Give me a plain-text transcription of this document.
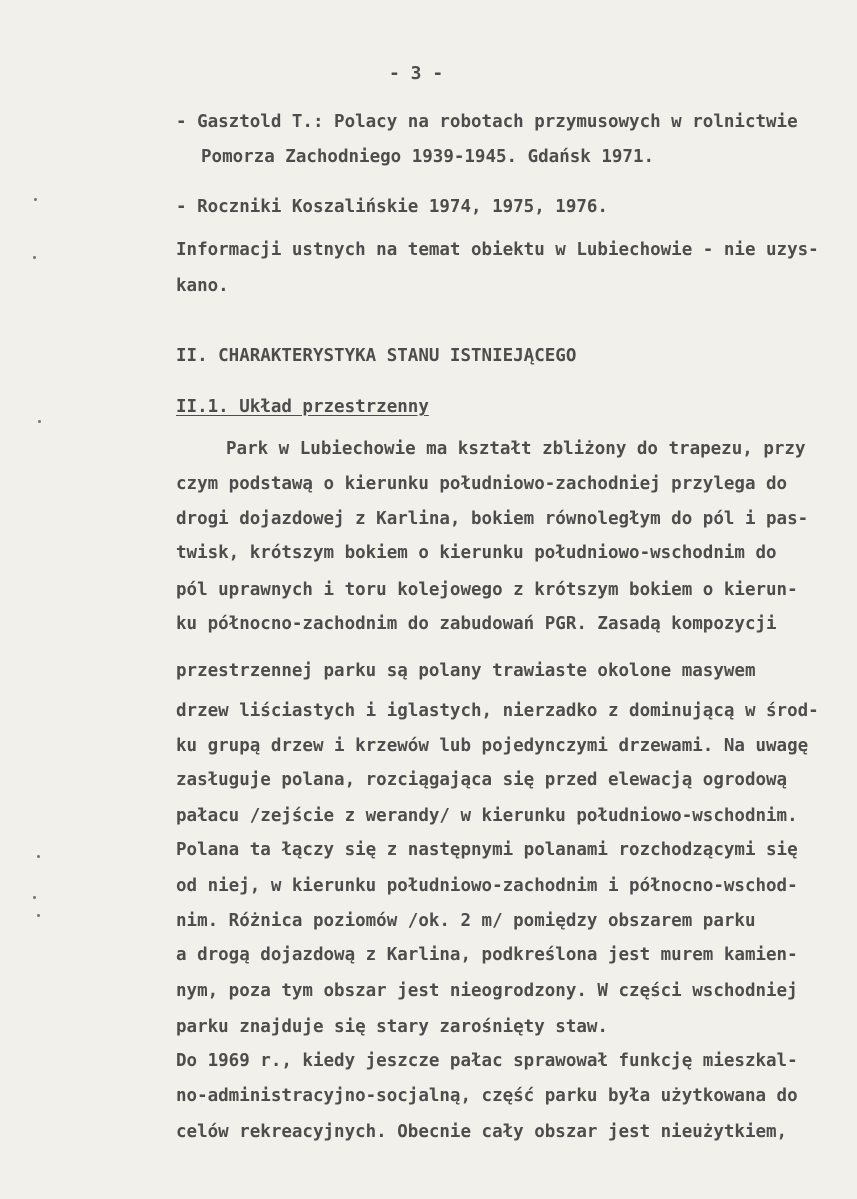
- 3 -
- Gasztold T.: Polacy na robotach przymusowych w rolnictwie
Pomorza Zachodniego 1939-1945. Gdańsk 1971.
- Roczniki Koszalińskie 1974, 1975, 1976.
Informacji ustnych na temat obiektu w Lubiechowie - nie uzys-
kano.
II. CHARAKTERYSTYKA STANU ISTNIEJĄCEGO
II.1. Układ przestrzenny
Park w Lubiechowie ma kształt zbliżony do trapezu, przy
czym podstawą o kierunku południowo-zachodniej przylega do
drogi dojazdowej z Karlina, bokiem równoległym do pól i pas-
twisk, krótszym bokiem o kierunku południowo-wschodnim do
pól uprawnych i toru kolejowego z krótszym bokiem o kierun-
ku północno-zachodnim do zabudowań PGR. Zasadą kompozycji
przestrzennej parku są polany trawiaste okolone masywem
drzew liściastych i iglastych, nierzadko z dominującą w środ-
ku grupą drzew i krzewów lub pojedynczymi drzewami. Na uwagę
zasługuje polana, rozciągająca się przed elewacją ogrodową
pałacu /zejście z werandy/ w kierunku południowo-wschodnim.
Polana ta łączy się z następnymi polanami rozchodzącymi się
od niej, w kierunku południowo-zachodnim i północno-wschod-
nim. Różnica poziomów /ok. 2 m/ pomiędzy obszarem parku
a drogą dojazdową z Karlina, podkreślona jest murem kamien-
nym, poza tym obszar jest nieogrodzony. W części wschodniej
parku znajduje się stary zarośnięty staw.
Do 1969 r., kiedy jeszcze pałac sprawował funkcję mieszkal-
no-administracyjno-socjalną, część parku była użytkowana do
celów rekreacyjnych. Obecnie cały obszar jest nieużytkiem,
